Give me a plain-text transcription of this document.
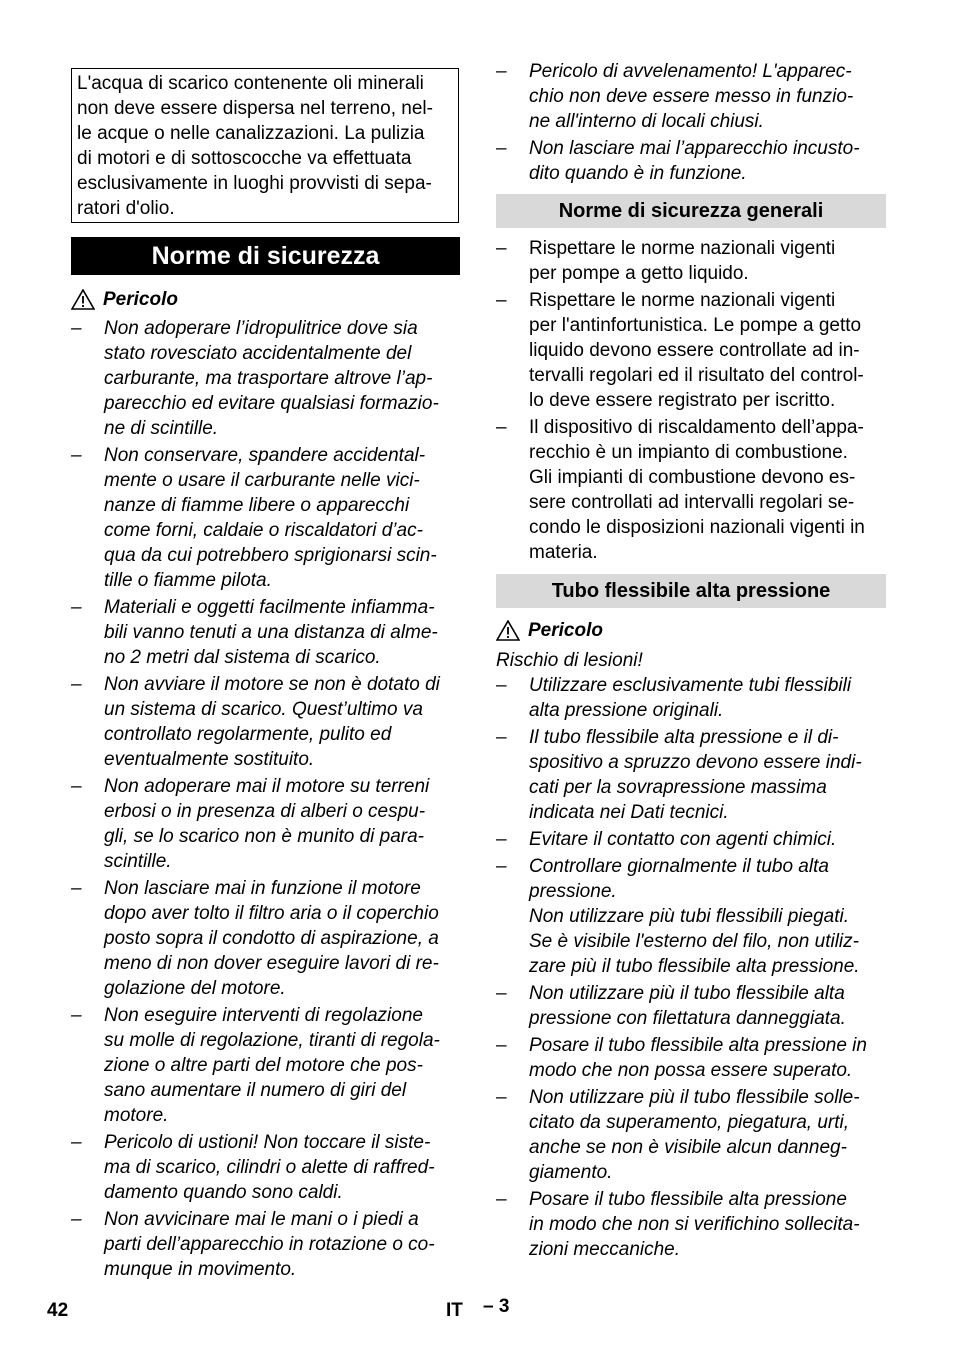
L'acqua di scarico contenente oli minerali

non deve essere dispersa nel terreno, nel-

le acque o nelle canalizzazioni. La pulizia

di motori e di sottoscocche va effettuata

esclusivamente in luoghi provvisti di sepa-

ratori d'olio.

Norme di sicurezza
Pericolo
– Non adoperare l’idropulitrice dove sia
stato rovesciato accidentalmente del
carburante, ma trasportare altrove l’ap-
parecchio ed evitare qualsiasi formazio-
ne di scintille.
– Non conservare, spandere accidental-
mente o usare il carburante nelle vici-
nanze di fiamme libere o apparecchi
come forni, caldaie o riscaldatori d’ac-
qua da cui potrebbero sprigionarsi scin-
tille o fiamme pilota.
– Materiali e oggetti facilmente infiamma-
bili vanno tenuti a una distanza di alme-
no 2 metri dal sistema di scarico.
– Non avviare il motore se non è dotato di
un sistema di scarico. Quest’ultimo va
controllato regolarmente, pulito ed
eventualmente sostituito.
– Non adoperare mai il motore su terreni
erbosi o in presenza di alberi o cespu-
gli, se lo scarico non è munito di para-
scintille.
– Non lasciare mai in funzione il motore
dopo aver tolto il filtro aria o il coperchio
posto sopra il condotto di aspirazione, a
meno di non dover eseguire lavori di re-
golazione del motore.
– Non eseguire interventi di regolazione
su molle di regolazione, tiranti di regola-
zione o altre parti del motore che pos-
sano aumentare il numero di giri del
motore.
– Pericolo di ustioni! Non toccare il siste-
ma di scarico, cilindri o alette di raffred-
damento quando sono caldi.
– Non avvicinare mai le mani o i piedi a
parti dell’apparecchio in rotazione o co-
munque in movimento.
– Pericolo di avvelenamento! L'apparec-
chio non deve essere messo in funzio-
ne all'interno di locali chiusi.
– Non lasciare mai l’apparecchio incusto-
dito quando è in funzione.
Norme di sicurezza generali
– Rispettare le norme nazionali vigenti
per pompe a getto liquido.
– Rispettare le norme nazionali vigenti
per l'antinfortunistica. Le pompe a getto
liquido devono essere controllate ad in-
tervalli regolari ed il risultato del control-
lo deve essere registrato per iscritto.
– Il dispositivo di riscaldamento dell’appa-
recchio è un impianto di combustione.
Gli impianti di combustione devono es-
sere controllati ad intervalli regolari se-
condo le disposizioni nazionali vigenti in
materia.
Tubo flessibile alta pressione
Pericolo
Rischio di lesioni!
– Utilizzare esclusivamente tubi flessibili
alta pressione originali.
– Il tubo flessibile alta pressione e il di-
spositivo a spruzzo devono essere indi-
cati per la sovrapressione massima
indicata nei Dati tecnici.
– Evitare il contatto con agenti chimici.
– Controllare giornalmente il tubo alta
pressione.
Non utilizzare più tubi flessibili piegati.
Se è visibile l'esterno del filo, non utiliz-
zare più il tubo flessibile alta pressione.
– Non utilizzare più il tubo flessibile alta
pressione con filettatura danneggiata.
– Posare il tubo flessibile alta pressione in
modo che non possa essere superato.
– Non utilizzare più il tubo flessibile solle-
citato da superamento, piegatura, urti,
anche se non è visibile alcun danneg-
giamento.
– Posare il tubo flessibile alta pressione
in modo che non si verifichino sollecita-
zioni meccaniche.
42	IT – 3
